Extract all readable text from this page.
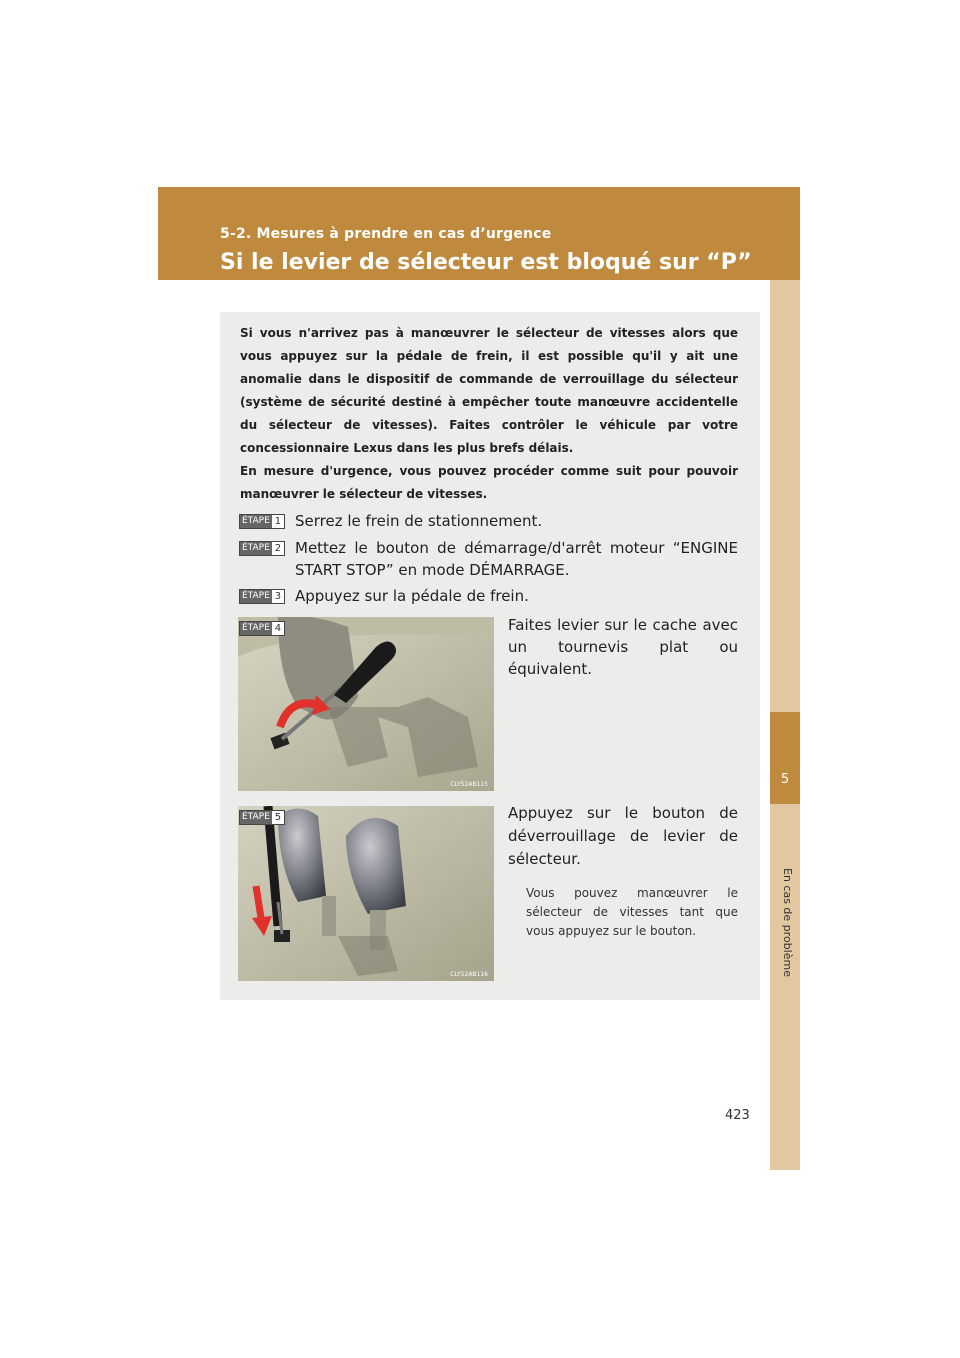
5-2. Mesures à prendre en cas d’urgence
Si le levier de sélecteur est bloqué sur “P”
5
En cas de problème

Si vous n'arrivez pas à manœuvrer le sélecteur de vitesses alors que vous appuyez sur la pédale de frein, il est possible qu'il y ait une anomalie dans le dispositif de commande de verrouillage du sélecteur (système de sécurité destiné à empêcher toute manœuvre accidentelle du sélecteur de vitesses). Faites contrôler le véhicule par votre concessionnaire Lexus dans les plus brefs délais.

En mesure d'urgence, vous pouvez procéder comme suit pour pouvoir manœuvrer le sélecteur de vitesses.

ÉTAPE 1 Serrez le frein de stationnement.
ÉTAPE 2 Mettez le bouton de démarrage/d'arrêt moteur “ENGINE START STOP” en mode DÉMARRAGE.
ÉTAPE 3 Appuyez sur la pédale de frein.
CLY52AB115
ÉTAPE 4	Faites levier sur le cache avec un tournevis plat ou équivalent.
CLY52AB116
ÉTAPE 5	Appuyez sur le bouton de déverrouillage de levier de sélecteur.
Vous pouvez manœuvrer le sélecteur de vitesses tant que vous appuyez sur le bouton.
423
